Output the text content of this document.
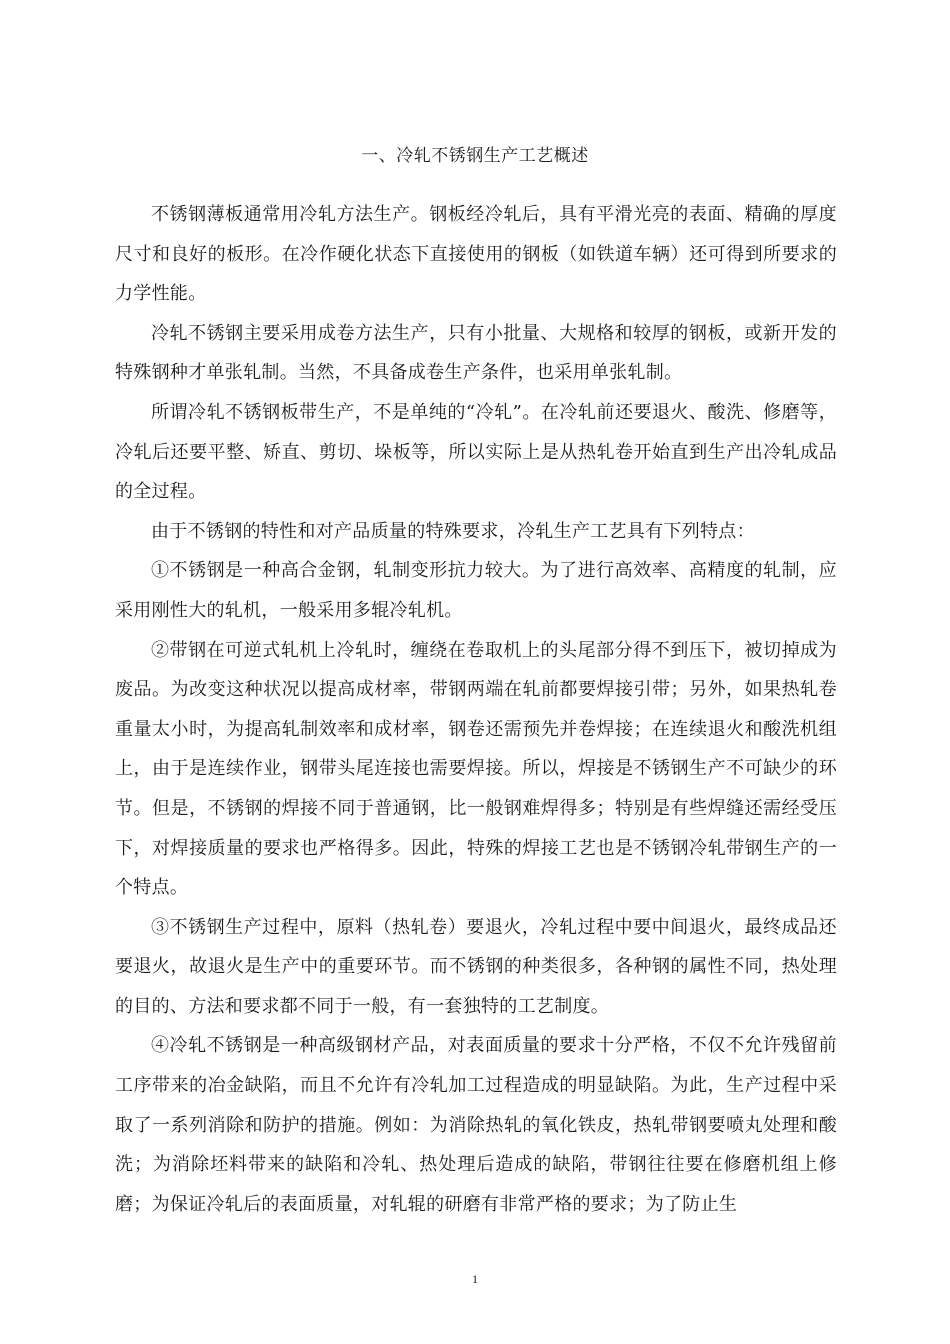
一、冷轧不锈钢生产工艺概述

不锈钢薄板通常用冷轧方法生产。钢板经冷轧后，具有平滑光亮的表面、精确的厚度尺寸和良好的板形。在冷作硬化状态下直接使用的钢板（如铁道车辆）还可得到所要求的力学性能。

冷轧不锈钢主要采用成卷方法生产，只有小批量、大规格和较厚的钢板，或新开发的特殊钢种才单张轧制。当然，不具备成卷生产条件，也采用单张轧制。

所谓冷轧不锈钢板带生产，不是单纯的“冷轧”。在冷轧前还要退火、酸洗、修磨等，冷轧后还要平整、矫直、剪切、垛板等，所以实际上是从热轧卷开始直到生产出冷轧成品的全过程。

由于不锈钢的特性和对产品质量的特殊要求，冷轧生产工艺具有下列特点：

①不锈钢是一种高合金钢，轧制变形抗力较大。为了进行高效率、高精度的轧制，应采用刚性大的轧机，一般采用多辊冷轧机。

②带钢在可逆式轧机上冷轧时，缠绕在卷取机上的头尾部分得不到压下，被切掉成为废品。为改变这种状况以提高成材率，带钢两端在轧前都要焊接引带；另外，如果热轧卷重量太小时，为提高轧制效率和成材率，钢卷还需预先并卷焊接；在连续退火和酸洗机组上，由于是连续作业，钢带头尾连接也需要焊接。所以，焊接是不锈钢生产不可缺少的环节。但是，不锈钢的焊接不同于普通钢，比一般钢难焊得多；特别是有些焊缝还需经受压下，对焊接质量的要求也严格得多。因此，特殊的焊接工艺也是不锈钢冷轧带钢生产的一个特点。

③不锈钢生产过程中，原料（热轧卷）要退火，冷轧过程中要中间退火，最终成品还要退火，故退火是生产中的重要环节。而不锈钢的种类很多，各种钢的属性不同，热处理的目的、方法和要求都不同于一般，有一套独特的工艺制度。

④冷轧不锈钢是一种高级钢材产品，对表面质量的要求十分严格，不仅不允许残留前工序带来的冶金缺陷，而且不允许有冷轧加工过程造成的明显缺陷。为此，生产过程中采取了一系列消除和防护的措施。例如：为消除热轧的氧化铁皮，热轧带钢要喷丸处理和酸洗；为消除坯料带来的缺陷和冷轧、热处理后造成的缺陷，带钢往往要在修磨机组上修磨；为保证冷轧后的表面质量，对轧辊的研磨有非常严格的要求；为了防止生

1
